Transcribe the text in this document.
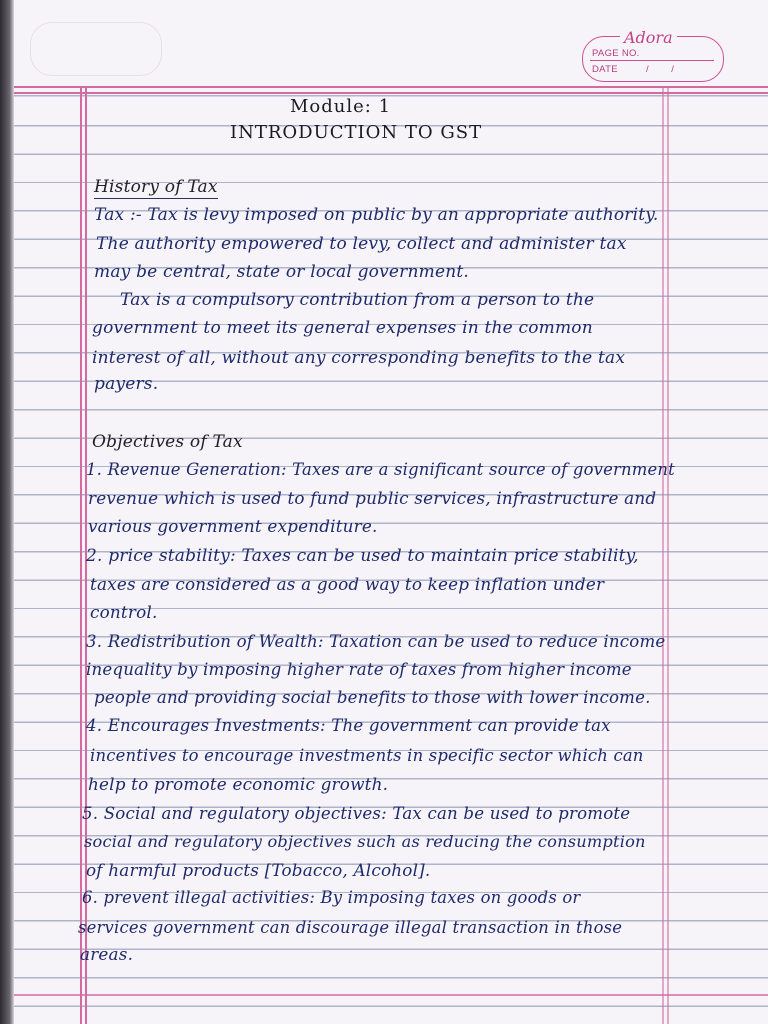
Adora
PAGE NO.
DATE	/ /
Module: 1
INTRODUCTION TO GST
History of Tax
Tax :- Tax is levy imposed on public by an appropriate authority.
The authority empowered to levy, collect and administer tax
may be central, state or local government.
Tax is a compulsory contribution from a person to the
government to meet its general expenses in the common
interest of all, without any corresponding benefits to the tax
payers.
Objectives of Tax
1. Revenue Generation: Taxes are a significant source of government
revenue which is used to fund public services, infrastructure and
various government expenditure.
2. price stability: Taxes can be used to maintain price stability,
taxes are considered as a good way to keep inflation under
control.
3. Redistribution of Wealth: Taxation can be used to reduce income
inequality by imposing higher rate of taxes from higher income
people and providing social benefits to those with lower income.
4. Encourages Investments: The government can provide tax
incentives to encourage investments in specific sector which can
help to promote economic growth.
5. Social and regulatory objectives: Tax can be used to promote
social and regulatory objectives such as reducing the consumption
of harmful products [Tobacco, Alcohol].
6. prevent illegal activities: By imposing taxes on goods or
services government can discourage illegal transaction in those
areas.
